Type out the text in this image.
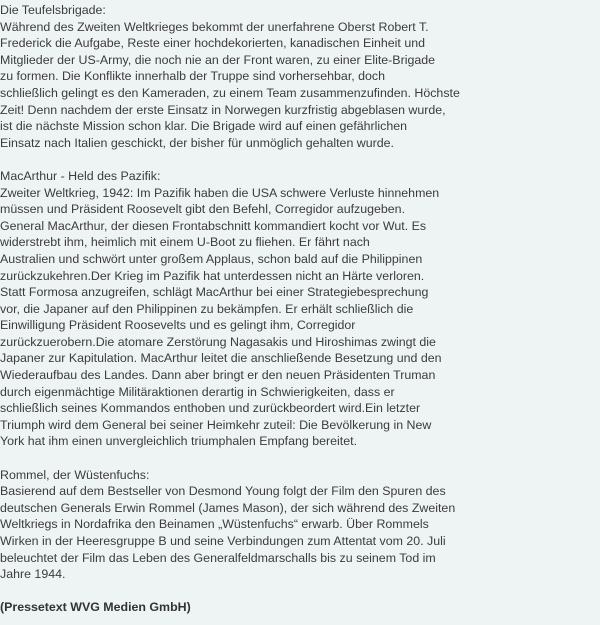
Die Teufelsbrigade:
Während des Zweiten Weltkrieges bekommt der unerfahrene Oberst Robert T.
Frederick die Aufgabe, Reste einer hochdekorierten, kanadischen Einheit und
Mitglieder der US-Army, die noch nie an der Front waren, zu einer Elite-Brigade
zu formen. Die Konflikte innerhalb der Truppe sind vorhersehbar, doch
schließlich gelingt es den Kameraden, zu einem Team zusammenzufinden. Höchste
Zeit! Denn nachdem der erste Einsatz in Norwegen kurzfristig abgeblasen wurde,
ist die nächste Mission schon klar. Die Brigade wird auf einen gefährlichen
Einsatz nach Italien geschickt, der bisher für unmöglich gehalten wurde.
MacArthur - Held des Pazifik:
Zweiter Weltkrieg, 1942: Im Pazifik haben die USA schwere Verluste hinnehmen
müssen und Präsident Roosevelt gibt den Befehl, Corregidor aufzugeben.
General MacArthur, der diesen Frontabschnitt kommandiert kocht vor Wut. Es
widerstrebt ihm, heimlich mit einem U-Boot zu fliehen. Er fährt nach
Australien und schwört unter großem Applaus, schon bald auf die Philippinen
zurückzukehren.Der Krieg im Pazifik hat unterdessen nicht an Härte verloren.
Statt Formosa anzugreifen, schlägt MacArthur bei einer Strategiebesprechung
vor, die Japaner auf den Philippinen zu bekämpfen. Er erhält schließlich die
Einwilligung Präsident Roosevelts und es gelingt ihm, Corregidor
zurückzuerobern.Die atomare Zerstörung Nagasakis und Hiroshimas zwingt die
Japaner zur Kapitulation. MacArthur leitet die anschließende Besetzung und den
Wiederaufbau des Landes. Dann aber bringt er den neuen Präsidenten Truman
durch eigenmächtige Militäraktionen derartig in Schwierigkeiten, dass er
schließlich seines Kommandos enthoben und zurückbeordert wird.Ein letzter
Triumph wird dem General bei seiner Heimkehr zuteil: Die Bevölkerung in New
York hat ihm einen unvergleichlich triumphalen Empfang bereitet.
Rommel, der Wüstenfuchs:
Basierend auf dem Bestseller von Desmond Young folgt der Film den Spuren des
deutschen Generals Erwin Rommel (James Mason), der sich während des Zweiten
Weltkriegs in Nordafrika den Beinamen „Wüstenfuchs“ erwarb. Über Rommels
Wirken in der Heeresgruppe B und seine Verbindungen zum Attentat vom 20. Juli
beleuchtet der Film das Leben des Generalfeldmarschalls bis zu seinem Tod im
Jahre 1944.
(Pressetext WVG Medien GmbH)
